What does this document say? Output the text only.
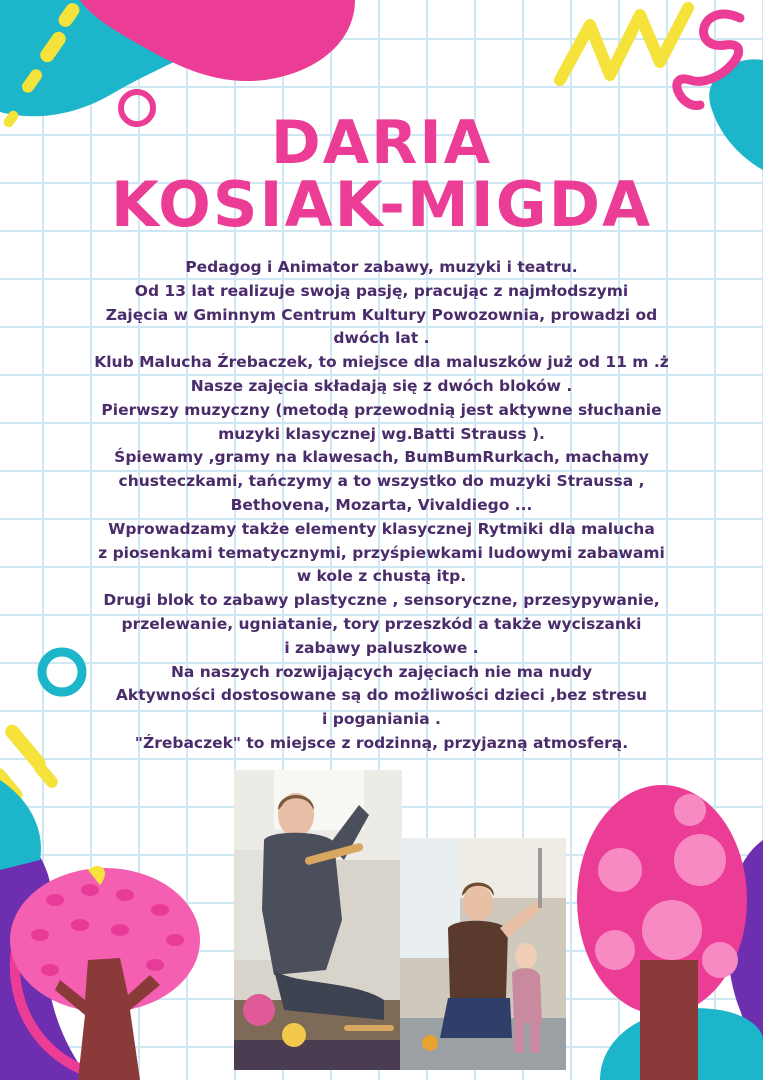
DARIA
KOSIAK-MIGDA
Pedagog i Animator zabawy, muzyki i teatru.
Od 13 lat realizuje swoją pasję, pracując z najmłodszymi
Zajęcia w Gminnym Centrum Kultury Powozownia, prowadzi od
dwóch lat .
Klub Malucha Źrebaczek, to miejsce dla maluszków już od 11 m .ż
Nasze zajęcia składają się z dwóch bloków .
Pierwszy muzyczny (metodą przewodnią jest aktywne słuchanie
muzyki klasycznej wg.Batti Strauss ).
Śpiewamy ,gramy na klawesach, BumBumRurkach, machamy
chusteczkami, tańczymy a to wszystko do muzyki Straussa ,
Bethovena, Mozarta, Vivaldiego ...
Wprowadzamy także elementy klasycznej Rytmiki dla malucha
z piosenkami tematycznymi, przyśpiewkami ludowymi zabawami
w kole z chustą itp.
Drugi blok to zabawy plastyczne , sensoryczne, przesypywanie,
przelewanie, ugniatanie, tory przeszkód a także wyciszanki
i zabawy paluszkowe .
Na naszych rozwijających zajęciach nie ma nudy
Aktywności dostosowane są do możliwości dzieci ,bez stresu
i poganiania .
"Źrebaczek" to miejsce z rodzinną, przyjazną atmosferą.
